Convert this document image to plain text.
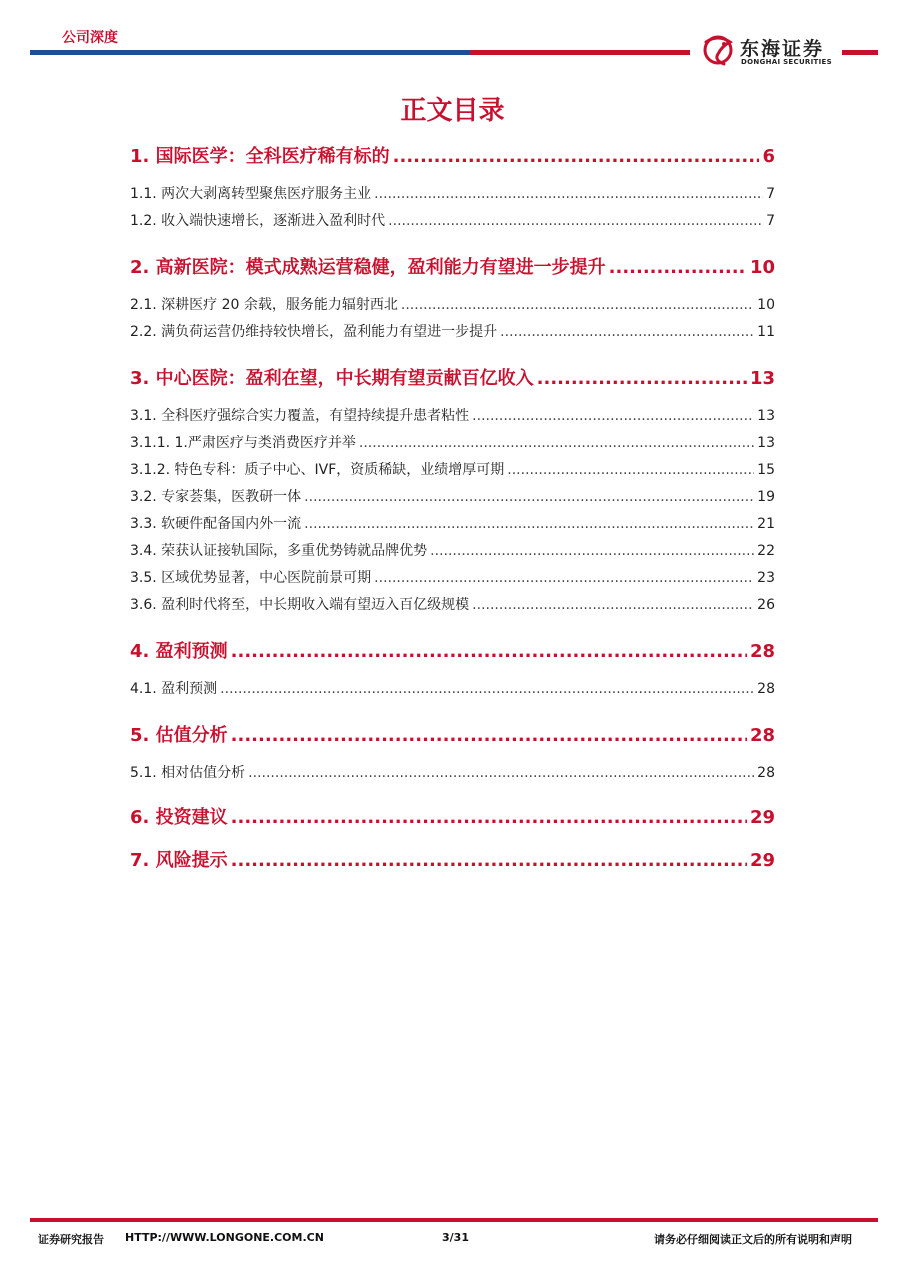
公司深度	东海证券
DONGHAI SECURITIES
正文目录
1. 国际医学：全科医疗稀有标的 .....	6
1.1. 两次大剥离转型聚焦医疗服务主业 .....	7
1.2. 收入端快速增长，逐渐进入盈利时代 .....	7
2. 高新医院：模式成熟运营稳健，盈利能力有望进一步提升 .....	10
2.1. 深耕医疗 20 余载，服务能力辐射西北 .....	10
2.2. 满负荷运营仍维持较快增长，盈利能力有望进一步提升 .....	11
3. 中心医院：盈利在望，中长期有望贡献百亿收入 .....	13
3.1. 全科医疗强综合实力覆盖，有望持续提升患者粘性 .....	13
3.1.1. 1.严肃医疗与类消费医疗并举 .....	13
3.1.2. 特色专科：质子中心、IVF，资质稀缺，业绩增厚可期 .....	15
3.2. 专家荟集，医教研一体 .....	19
3.3. 软硬件配备国内外一流 .....	21
3.4. 荣获认证接轨国际，多重优势铸就品牌优势 .....	22
3.5. 区域优势显著，中心医院前景可期 .....	23
3.6. 盈利时代将至，中长期收入端有望迈入百亿级规模 .....	26
4. 盈利预测 .....	28
4.1. 盈利预测 .....	28
5. 估值分析 .....	28
5.1. 相对估值分析 .....	28
6. 投资建议 .....	29
7. 风险提示 .....	29
证券研究报告 HTTP://WWW.LONGONE.COM.CN	3/31	请务必仔细阅读正文后的所有说明和声明
